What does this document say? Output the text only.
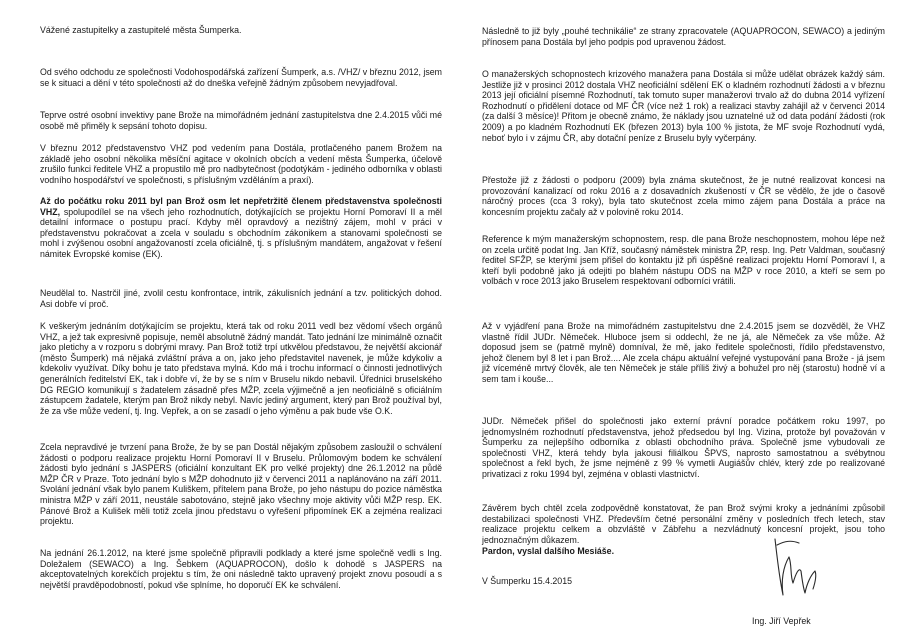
Vážené zastupitelky a zastupitelé města Šumperka.

Od svého odchodu ze společnosti Vodohospodářská zařízení Šumperk, a.s. /VHZ/ v březnu 2012, jsem se k situaci a dění v této společnosti až do dneška veřejně žádným způsobem nevyjadřoval.

Teprve ostré osobní invektivy pane Brože na mimořádném jednání zastupitelstva dne 2.4.2015 vůči mé osobě mě přiměly k sepsání tohoto dopisu.

V březnu 2012 představenstvo VHZ pod vedením pana Dostála, protlačeného panem Brožem na základě jeho osobní několika měsíční agitace v okolních obcích a vedení města Šumperka, účelově zrušilo funkci ředitele VHZ a propustilo mě pro nadbytečnost (podotýkám - jediného odborníka v oblasti vodního hospodářství ve společnosti, s příslušným vzděláním a praxí).

Až do počátku roku 2011 byl pan Brož osm let nepřetržitě členem představenstva společnosti VHZ, spolupodílel se na všech jeho rozhodnutích, dotýkajících se projektu Horní Pomoraví II a měl detailní informace o postupu prací. Kdyby měl opravdový a nezištný zájem, mohl v práci v představenstvu pokračovat a zcela v souladu s obchodním zákonikem a stanovami společnosti se mohl i zvýšenou osobní angažovaností zcela oficiálně, tj. s příslušným mandátem, angažovat v řešení námitek Evropské komise (EK).

Neudělal to. Nastrčil jiné, zvolil cestu konfrontace, intrik, zákulisních jednání a tzv. politických dohod. Asi dobře ví proč.

K veškerým jednáním dotýkajícím se projektu, která tak od roku 2011 vedl bez vědomí všech orgánů VHZ, a jež tak expresivně popisuje, neměl absolutně žádný mandát. Tato jednání lze minimálně označit jako pletichy a v rozporu s dobrými mravy. Pan Brož totiž trpí utkvělou představou, že největší akcionář (město Šumperk) má nějaká zvláštní práva a on, jako jeho představitel navenek, je může kdykoliv a kdekoliv využívat. Díky bohu je tato představa mylná. Kdo má i trochu informací o činnosti jednotlivých generálních ředitelství EK, tak i dobře ví, že by se s ním v Bruselu nikdo nebavil. Úřednici bruselského DG REGIO komunikují s žadatelem zásadně přes MŽP, zcela výjimečně a jen neoficiálně s oficiálním zástupcem žadatele, kterým pan Brož nikdy nebyl. Navíc jediný argument, který pan Brož používal byl, že za vše může vedení, tj. Ing. Vepřek, a on se zasadí o jeho výměnu a pak bude vše O.K.

Zcela nepravdivé je tvrzení pana Brože, že by se pan Dostál nějakým způsobem zasloužil o schválení žádosti o podporu realizace projektu Horní Pomoraví II v Bruselu. Průlomovým bodem ke schválení žádosti bylo jednání s JASPERS (oficiální konzultant EK pro velké projekty) dne 26.1.2012 na půdě MŽP ČR v Praze. Toto jednání bylo s MŽP dohodnuto již v červenci 2011 a naplánováno na září 2011. Svolání jednání však bylo panem Kuliškem, přítelem pana Brože, po jeho nástupu do pozice náměstka ministra MŽP v září 2011, neustále sabotováno, stejně jako všechny moje aktivity vůči MŽP resp. EK. Pánové Brož a Kulišek měli totiž zcela jinou představu o vyřešení připomínek EK a zejména realizaci projektu.

Na jednání 26.1.2012, na které jsme společně připravili podklady a které jsme společně vedli s Ing. Doležalem (SEWACO) a Ing. Šebkem (AQUAPROCON), došlo k dohodě s JASPERS na akceptovatelných korekčích projektu s tím, že oni následně takto upravený projekt znovu posoudí a s největší pravděpodobností, pokud vše splníme, ho doporučí EK ke schválení.

Následně to již byly „pouhé technikálie“ ze strany zpracovatele (AQUAPROCON, SEWACO) a jediným přínosem pana Dostála byl jeho podpis pod upravenou žádost.

O manažerských schopnostech krizového manažera pana Dostála si může udělat obrázek každý sám. Jestliže již v prosinci 2012 dostala VHZ neoficiální sdělení EK o kladném rozhodnutí žádosti a v březnu 2013 její oficiální písemné Rozhodnutí, tak tomuto super manažerovi trvalo až do dubna 2014 vyřízení Rozhodnutí o přidělení dotace od MF ČR (více než 1 rok) a realizaci stavby zahájil až v červenci 2014 (za další 3 měsíce)! Přitom je obecně známo, že náklady jsou uznatelné už od data podání žádosti (rok 2009) a po kladném Rozhodnutí EK (březen 2013) byla 100 % jistota, že MF svoje Rozhodnutí vydá, neboť bylo i v zájmu ČR, aby dotační peníze z Bruselu byly vyčerpány.

Přestože již z žádosti o podporu (2009) byla známa skutečnost, že je nutné realizovat koncesi na provozování kanalizací od roku 2016 a z dosavadních zkušeností v ČR se vědělo, že jde o časově náročný proces (cca 3 roky), byla tato skutečnost zcela mimo zájem pana Dostála a práce na koncesním projektu začaly až v polovině roku 2014.

Reference k mým manažerským schopnostem, resp. dle pana Brože neschopnostem, mohou lépe než on zcela určitě podat Ing. Jan Kříž, současný náměstek ministra ŽP, resp. Ing. Petr Valdman, současný ředitel SFŽP, se kterými jsem přišel do kontaktu již při úspěšné realizaci projektu Horní Pomoraví I, a kteří byli podobně jako já odejiti po blahém nástupu ODS na MŽP v roce 2010, a kteří se sem po volbách v roce 2013 jako Bruselem respektovaní odborníci vrátili.

Až v vyjádření pana Brože na mimořádném zastupitelstvu dne 2.4.2015 jsem se dozvěděl, že VHZ vlastně řídil JUDr. Němeček. Hluboce jsem si oddechl, že ne já, ale Němeček za vše může. Až doposud jsem se (patrně mylně) domníval, že mě, jako ředitele společnosti, řídilo představenstvo, jehož členem byl 8 let i pan Brož.... Ale zcela chápu aktuální veřejné vystupování pana Brože - já jsem již víceméně mrtvý člověk, ale ten Němeček je stále příliš živý a bohužel pro něj (starostu) hodně ví a sem tam i kouše...

JUDr. Němeček přišel do společnosti jako externí právní poradce počátkem roku 1997, po jednomyslném rozhodnutí představenstva, jehož předsedou byl Ing. Vizina, protože byl považován v Šumperku za nejlepšího odborníka z oblasti obchodního práva. Společně jsme vybudovali ze společnosti VHZ, která tehdy byla jakousi filiálkou ŠPVS, naprosto samostatnou a svébytnou společnost a řekl bych, že jsme nejméně z 99 % vymetli Augiášův chlév, který zde po realizované privatizaci z roku 1994 byl, zejména v oblasti vlastnictví.

Závěrem bych chtěl zcela zodpovědně konstatovat, že pan Brož svými kroky a jednáními způsobil destabilizaci společnosti VHZ. Především četné personální změny v posledních třech letech, stav realizace projektu celkem a obzvláště v Zábřehu a nezvládnutý koncesní projekt, jsou toho jednoznačným důkazem.

Pardon, vyslal dalšího Mesiáše.

V Šumperku 15.4.2015

Ing. Jiří Vepřek
